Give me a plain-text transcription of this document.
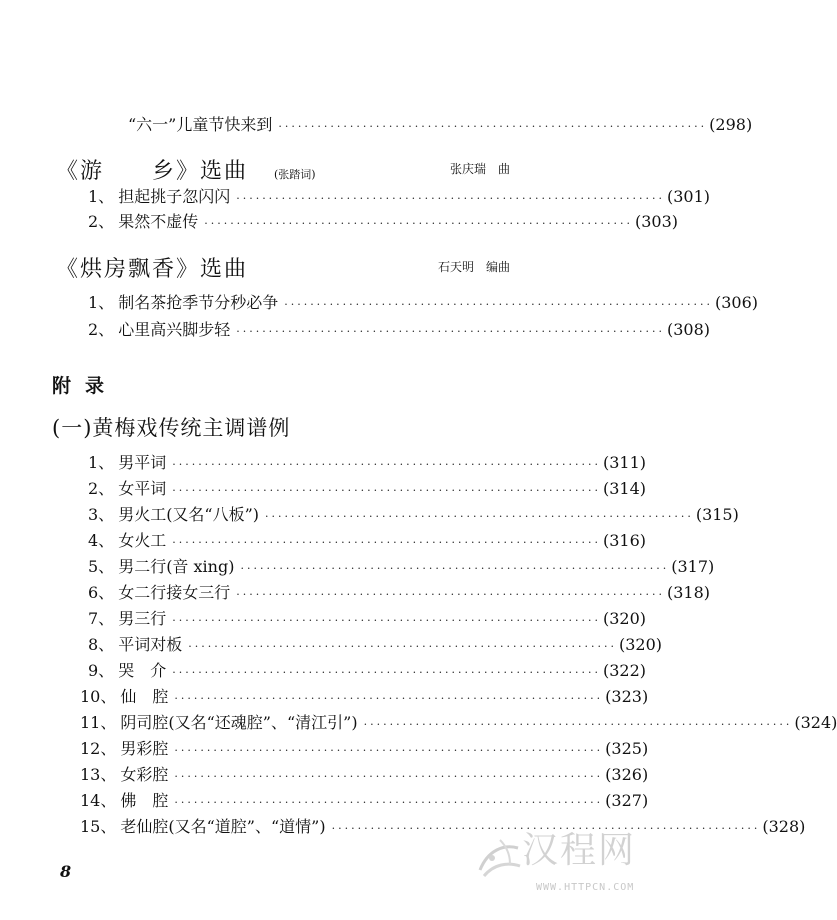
“六一”儿童节快来到 ·································································· (298)
《游　　乡》选曲 (张踏词)	张庆瑞　曲
1、 担起挑子忽闪闪 ·································································· (301)
2、 果然不虚传 ·································································· (303)
《烘房飘香》选曲	石天明　编曲
1、 制名茶抢季节分秒必争 ·································································· (306)
2、 心里高兴脚步轻 ·································································· (308)
附录
(一)黄梅戏传统主调谱例
1、 男平词 ·································································· (311)
2、 女平词 ·································································· (314)
3、 男火工(又名“八板”) ·································································· (315)
4、 女火工 ·································································· (316)
5、 男二行(音 xing) ·································································· (317)
6、 女二行接女三行 ·································································· (318)
7、 男三行 ·································································· (320)
8、 平词对板 ·································································· (320)
9、 哭　介 ·································································· (322)
10、 仙　腔 ·································································· (323)
11、 阴司腔(又名“还魂腔”、“清江引”) ·································································· (324)
12、 男彩腔 ·································································· (325)
13、 女彩腔 ·································································· (326)
14、 佛　腔 ·································································· (327)
15、 老仙腔(又名“道腔”、“道情”) ·································································· (328)
8
汉程网
WWW.HTTPCN.COM
